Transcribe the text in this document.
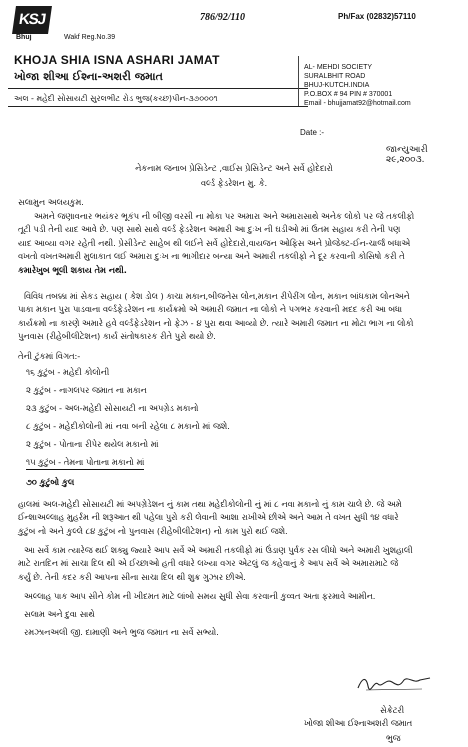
KSJ
Bhuj	Wakf Reg.No.39
786/92/110	Ph/Fax (02832)57110
KHOJA SHIA ISNA ASHARI JAMAT
ખોજા શીઆ ઈશ્ના-અશરી જમાત
અલ - મહેદી સોસાયટી સુરલભીટ રોડ ભુજ(કચ્છ)પીન-૩૭૦૦૦૧
AL- MEHDI SOCIETY
SURALBHIT ROAD
BHUJ-KUTCH.INDIA
P.O.BOX # 94 PIN # 370001
Email - bhujjamat92@hotmail.com
Date :-
જાન્યુઆરી ૨૯,૨૦૦૩.
નેકનામ જનાબ પ્રેસિડેન્ટ ,વાઈસ પ્રેસિડેન્ટ અને સર્વે હોદેદારો
વર્લ્ડ ફેડરેશન મુ. કે.
સલામુન અલયકુમ.
અમને જણાવનાર ભયંકર ભૂકંપ ની બીજી વરસી ના મોકા પર અમારા અને અમારાસાથે અનેક લોકો પર જે તકલીફો
તૂટી પડી તેની યાદ આવે છે. પણ સાથે સાથે વર્લ્ડ ફેડરેશન અમારી આ દુઃખ ની ઘડીઓ માં ઉતમ સહાય કરી તેની પણ
યાદ આવ્યા વગર રહેતી નથી. પ્રેસીડેન્ટ સાહેબ થી લઈને સર્વે હોદેદારો,વાયજન ઓફિસ અને પ્રોજેક્ટ-ઈન-ચાર્જ બધાએ
વખતો વખતઅમારી મુલાકાત લઈ અમારા દુઃખ ના ભાગીદાર બન્યા અને અમારી તકલીફો ને દૂર કરવાની કોસિષો કરી તે
કમારેખુબ ભૂલી શકાય તેમ નથી.
વિવિધ તબક્કા માં સેકડ સહાય ( કેશ ડોલ ) કાચા મકાન,બીજનેસ લોન,મકાન રીપેરીંગ લોન, મકાન બાંધકામ લોનઅને
પાકા મકાન પુરા પાડવાના વર્લ્ડફેડરેશન ના કાર્યક્રમો એ અમારી જમાત ના લોકો ને પગભર કરવાની મદદ કરી આ બધા
કાર્યક્રમો ના કારણે અમારે હવે વર્લ્ડફેડરેશન નો ફેઝ - ૪ પુરા થવા આવ્યો છે. ત્યારે અમારી જમાત ના મોટા ભાગ ના લોકો
પુનવાસ (રીહેબીલીટેશન) કાર્ય સંતોષકારક રીતે પુરો થયો છે.
તેની ટુંકમાં વિગત:-
૧૬ કુટુંબ - મહેદી કોલોની
૨ કુટુંબ - નાગલપર જમાત ના મકાન
૨૩ કુટુંબ - અલ-મહેદી સોસાયટી ના અપગ્રેડ મકાનો
૮ કુટુંબ - મહેદીકોલોની માં નવા બની રહેલા ૮ મકાનો માં જશે.
૨ કુટુંબ - પોતાના રીપેર થયેલ મકાનો માં
૧૫ કુટુંબ - તેમના પોતાના મકાનો માં
૭૦ કુટુંબો કુલ
હાલમાં અલ-મહેદી સોસાયટી માં અપગ્રેડેશન નું કામ તથા મહેદીકોલોની નું માં ૮ નવા મકાનો નું કામ ચાલે છે. જે અમે
ઈન્શાઅલ્લાહ મુહર્રમ ની શરૂઆત થી પહેલા પુરો કરી લેવાની આશા રાખીએ છીએ અને આમ તે વખત સુધી ૧૪ વધારે
કુટુંબ નો અને કુલ્લે ૮૪ કુટુંબ નો પુનવાસ (રીહેબીલીટેશન) નો કામ પુરો થઈ જશે.
આ સર્વે કામ ત્યારેજ થઈ શક્યુ જ્યારે આપ સર્વે એ અમારી તકલીફો માં ઉંડાણ પુર્વક રસ લીધો અને અમારી ખુશહાલી
માટે રાતદિન માં સાચા દિલ થી એ ઈચ્છાઓ હતી વધારે લખ્યા વગર એટલું જ કહેવાનું કે આપ સર્વે એ અમારામાટે જે
કર્યું છે. તેની કદર કરી આપના સીના સાચા દિલ થી શુક્ર ગુઝાર છીએ.
અલ્લાહ પાક આપ સીને કોમ ની ખીદમત માટે લાંબો સમય સુધી સેવા કરવાની કુવ્વત અતા ફરમાવે આમીન.
સલામ અને દુવા સાથે
રમઝાનઅલી જી. દામાણી અને ભુજ જમાત ના સર્વે સભ્યો.
સેક્રેટરી
ખોજા શીઆ ઈશ્નાઅશરી જમાત
ભુજ
